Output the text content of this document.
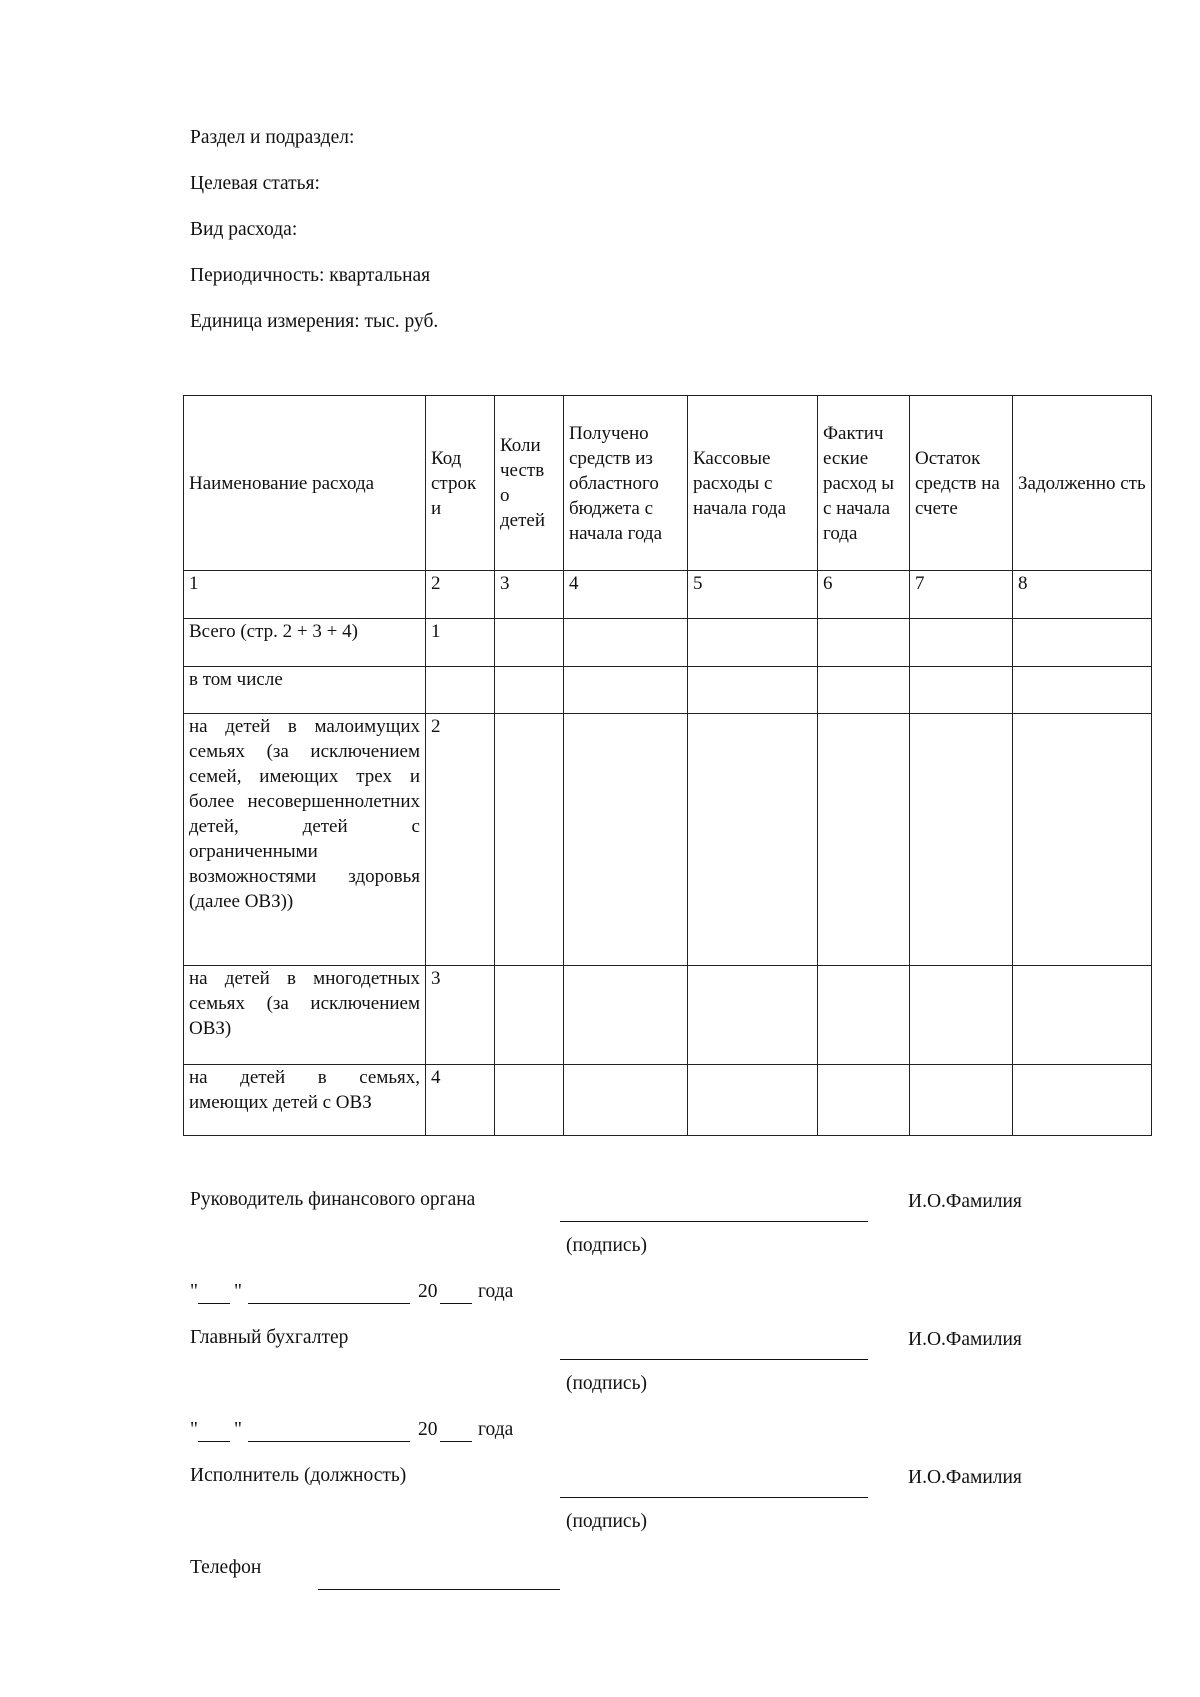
Раздел и подраздел:
Целевая статья:
Вид расхода:
Периодичность: квартальная
Единица измерения: тыс. руб.
Наименование расхода	Код строк и	Коли честв о детей	Получено средств из областного бюджета с начала года	Кассовые расходы с начала года	Фактич еские расход ы с начала года	Остаток средств на счете	Задолженно сть
1	2	3	4	5	6	7	8
Всего (стр. 2 + 3 + 4)	1						
в том числе							
на детей в малоимущих семьях (за исключением семей, имеющих трех и более несовершеннолетних детей, детей с ограниченными возможностями здоровья (далее ОВЗ))	2						
на детей в многодетных семьях (за исключением ОВЗ)	3						
на детей в семьях, имеющих детей с ОВЗ	4						
Руководитель финансового органа	И.О.Фамилия
(подпись)
" "	20 года
Главный бухгалтер	И.О.Фамилия
(подпись)
" "	20 года
Исполнитель (должность)	И.О.Фамилия
(подпись)
Телефон
